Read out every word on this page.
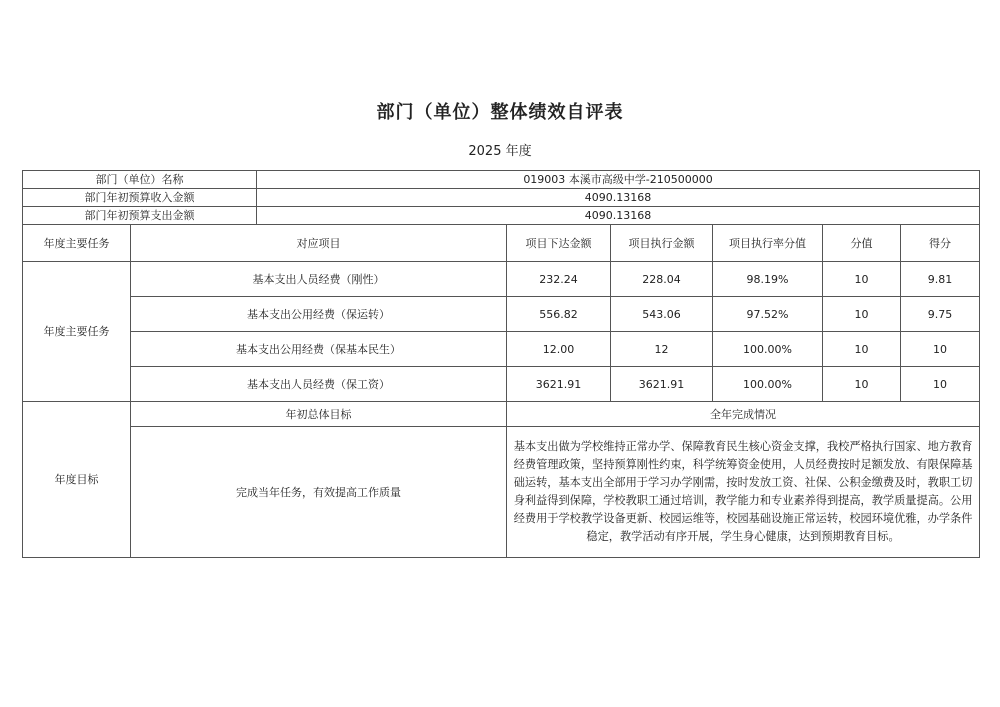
部门（单位）整体绩效自评表
2025 年度
部门（单位）名称		019003 本溪市高级中学-210500000					
部门年初预算收入金额		4090.13168					
部门年初预算支出金额		4090.13168					
年度主要任务	对应项目		项目下达金额	项目执行金额	项目执行率分值	分值	得分
年度主要任务	基本支出人员经费（刚性）		232.24	228.04	98.19%	10	9.81
	基本支出公用经费（保运转）		556.82	543.06	97.52%	10	9.75
	基本支出公用经费（保基本民生）		12.00	12	100.00%	10	10
	基本支出人员经费（保工资）		3621.91	3621.91	100.00%	10	10
年度目标	年初总体目标		全年完成情况				
	完成当年任务，有效提高工作质量		基本支出做为学校维持正常办学、保障教育民生核心资金支撑，我校严格执行国家、地方教育经费管理政策，坚持预算刚性约束，科学统筹资金使用，人员经费按时足额发放、有限保障基础运转，基本支出全部用于学习办学刚需，按时发放工资、社保、公积金缴费及时，教职工切身利益得到保障，学校教职工通过培训，教学能力和专业素养得到提高，教学质量提高。公用经费用于学校教学设备更新、校园运维等，校园基础设施正常运转，校园环境优雅，办学条件稳定，教学活动有序开展，学生身心健康，达到预期教育目标。				
